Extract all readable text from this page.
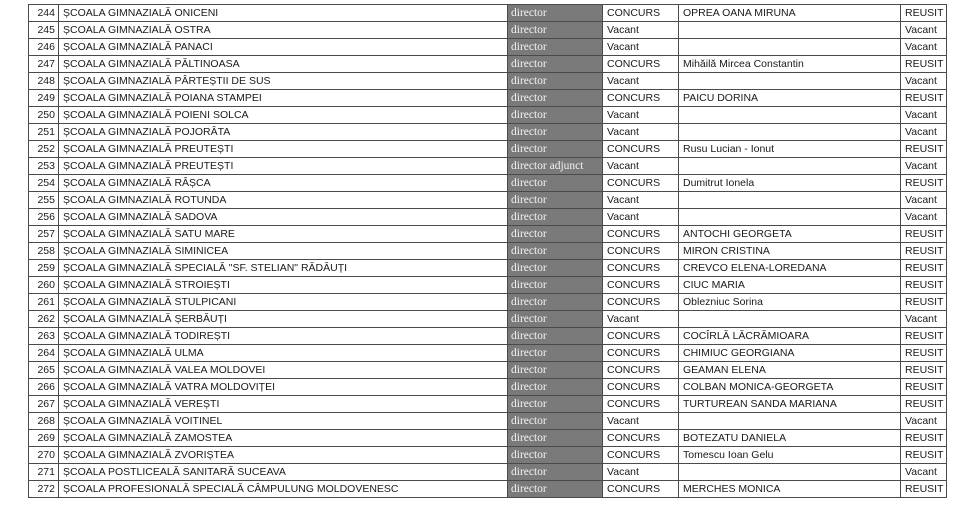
244	ȘCOALA GIMNAZIALĂ ONICENI	director	CONCURS	OPREA OANA MIRUNA	REUSIT
245	ȘCOALA GIMNAZIALĂ OSTRA	director	Vacant		Vacant
246	ȘCOALA GIMNAZIALĂ PANACI	director	Vacant		Vacant
247	ȘCOALA GIMNAZIALĂ PĂLTINOASA	director	CONCURS	Mihăilă Mircea Constantin	REUSIT
248	ȘCOALA GIMNAZIALĂ PÂRTEȘTII DE SUS	director	Vacant		Vacant
249	ȘCOALA GIMNAZIALĂ POIANA STAMPEI	director	CONCURS	PAICU DORINA	REUSIT
250	ȘCOALA GIMNAZIALĂ POIENI SOLCA	director	Vacant		Vacant
251	ȘCOALA GIMNAZIALĂ POJORÂTA	director	Vacant		Vacant
252	ȘCOALA GIMNAZIALĂ PREUTEȘTI	director	CONCURS	Rusu Lucian - Ionut	REUSIT
253	ȘCOALA GIMNAZIALĂ PREUTEȘTI	director adjunct	Vacant		Vacant
254	ȘCOALA GIMNAZIALĂ RÂȘCA	director	CONCURS	Dumitrut Ionela	REUSIT
255	ȘCOALA GIMNAZIALĂ ROTUNDA	director	Vacant		Vacant
256	ȘCOALA GIMNAZIALĂ SADOVA	director	Vacant		Vacant
257	ȘCOALA GIMNAZIALĂ SATU MARE	director	CONCURS	ANTOCHI GEORGETA	REUSIT
258	ȘCOALA GIMNAZIALĂ SIMINICEA	director	CONCURS	MIRON CRISTINA	REUSIT
259	ȘCOALA GIMNAZIALĂ SPECIALĂ "SF. STELIAN" RĂDĂUȚI	director	CONCURS	CREVCO ELENA-LOREDANA	REUSIT
260	ȘCOALA GIMNAZIALĂ STROIEȘTI	director	CONCURS	CIUC MARIA	REUSIT
261	ȘCOALA GIMNAZIALĂ STULPICANI	director	CONCURS	Oblezniuc Sorina	REUSIT
262	ȘCOALA GIMNAZIALĂ ȘERBĂUȚI	director	Vacant		Vacant
263	ȘCOALA GIMNAZIALĂ TODIREȘTI	director	CONCURS	COCÎRLĂ LĂCRĂMIOARA	REUSIT
264	ȘCOALA GIMNAZIALĂ ULMA	director	CONCURS	CHIMIUC GEORGIANA	REUSIT
265	ȘCOALA GIMNAZIALĂ VALEA MOLDOVEI	director	CONCURS	GEAMAN ELENA	REUSIT
266	ȘCOALA GIMNAZIALĂ VATRA MOLDOVIȚEI	director	CONCURS	COLBAN MONICA-GEORGETA	REUSIT
267	ȘCOALA GIMNAZIALĂ VEREȘTI	director	CONCURS	TURTUREAN SANDA MARIANA	REUSIT
268	ȘCOALA GIMNAZIALĂ VOITINEL	director	Vacant		Vacant
269	ȘCOALA GIMNAZIALĂ ZAMOSTEA	director	CONCURS	BOTEZATU DANIELA	REUSIT
270	ȘCOALA GIMNAZIALĂ ZVORIȘTEA	director	CONCURS	Tomescu Ioan Gelu	REUSIT
271	ȘCOALA POSTLICEALĂ SANITARĂ SUCEAVA	director	Vacant		Vacant
272	ȘCOALA PROFESIONALĂ SPECIALĂ CÂMPULUNG MOLDOVENESC	director	CONCURS	MERCHES MONICA	REUSIT
